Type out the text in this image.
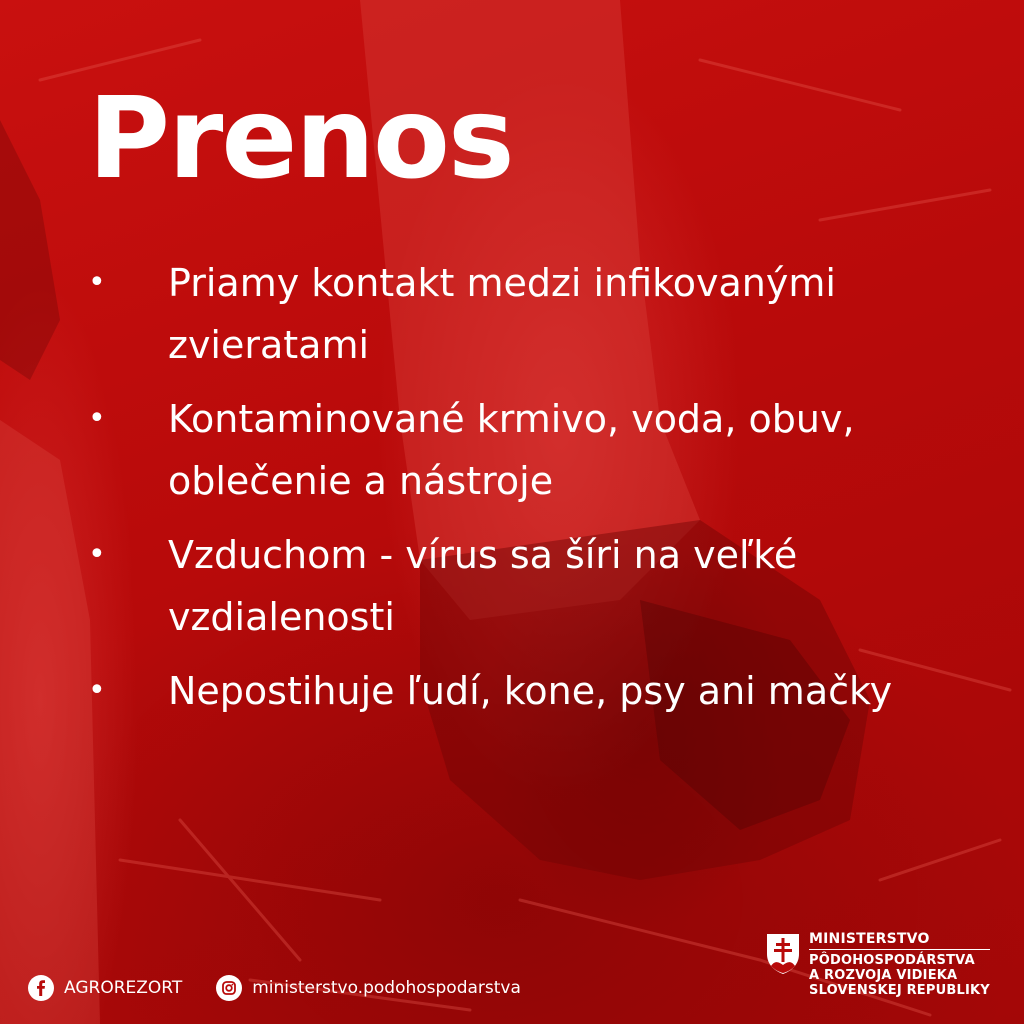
Prenos
• Priamy kontakt medzi infikovanými zvieratami
• Kontaminované krmivo, voda, obuv, oblečenie a nástroje
• Vzduchom - vírus sa šíri na veľké vzdialenosti
• Nepostihuje ľudí, kone, psy ani mačky
AGROREZORT	ministerstvo.podohospodarstva
MINISTERSTVO
PÔDOHOSPODÁRSTVA
A ROZVOJA VIDIEKA
SLOVENSKEJ REPUBLIKY
